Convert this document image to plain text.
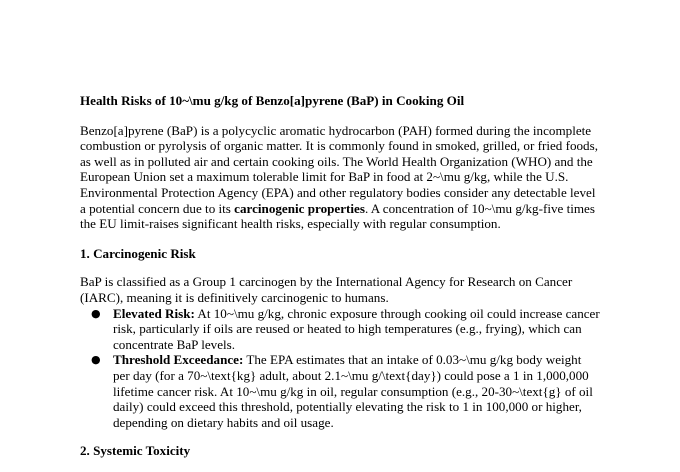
Health Risks of 10~\mu g/kg of Benzo[a]pyrene (BaP) in Cooking Oil

Benzo[a]pyrene (BaP) is a polycyclic aromatic hydrocarbon (PAH) formed during the incomplete combustion or pyrolysis of organic matter. It is commonly found in smoked, grilled, or fried foods, as well as in polluted air and certain cooking oils. The World Health Organization (WHO) and the European Union set a maximum tolerable limit for BaP in food at 2~\mu g/kg, while the U.S. Environmental Protection Agency (EPA) and other regulatory bodies consider any detectable level a potential concern due to its carcinogenic properties. A concentration of 10~\mu g/kg-five times the EU limit-raises significant health risks, especially with regular consumption.

1. Carcinogenic Risk

BaP is classified as a Group 1 carcinogen by the International Agency for Research on Cancer (IARC), meaning it is definitively carcinogenic to humans.

● Elevated Risk: At 10~\mu g/kg, chronic exposure through cooking oil could increase cancer risk, particularly if oils are reused or heated to high temperatures (e.g., frying), which can concentrate BaP levels.
● Threshold Exceedance: The EPA estimates that an intake of 0.03~\mu g/kg body weight per day (for a 70~\text{kg} adult, about 2.1~\mu g/\text{day}) could pose a 1 in 1,000,000 lifetime cancer risk. At 10~\mu g/kg in oil, regular consumption (e.g., 20-30~\text{g} of oil daily) could exceed this threshold, potentially elevating the risk to 1 in 100,000 or higher, depending on dietary habits and oil usage.
2. Systemic Toxicity
